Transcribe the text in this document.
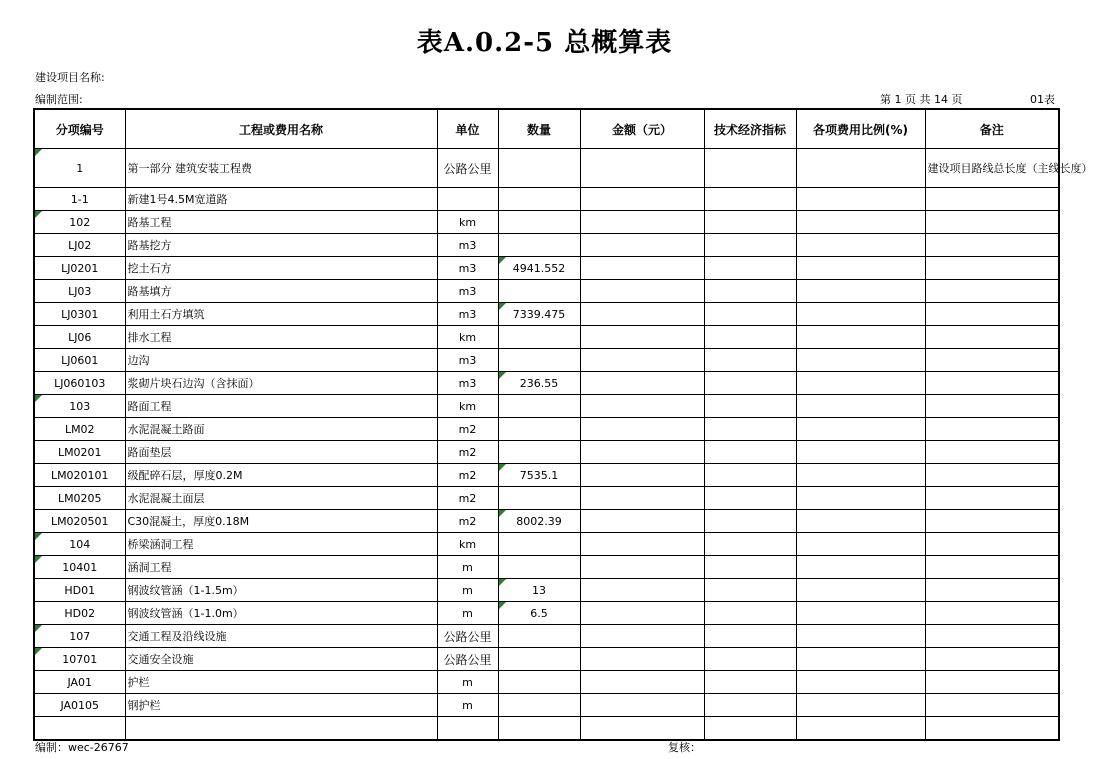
表A.0.2-5 总概算表
建设项目名称:
编制范围:	第 1 页 共 14 页	01表
分项编号	工程或费用名称	单位	数量	金额（元）	技术经济指标	各项费用比例(%)	备注

1	第一部分 建筑安装工程费	公路公里					建设项目路线总长度（主线长度）
1-1	新建1号4.5M宽道路						

102	路基工程	km					
LJ02	路基挖方	m3					
LJ0201	挖土石方	m3	4941.552				
LJ03	路基填方	m3					
LJ0301	利用土石方填筑	m3	7339.475				
LJ06	排水工程	km					
LJ0601	边沟	m3					
LJ060103	浆砌片块石边沟（含抹面）	m3	236.55				

103	路面工程	km					
LM02	水泥混凝土路面	m2					
LM0201	路面垫层	m2					
LM020101	级配碎石层，厚度0.2M	m2	7535.1				
LM0205	水泥混凝土面层	m2					
LM020501	C30混凝土，厚度0.18M	m2	8002.39				

104	桥梁涵洞工程	km					

10401	涵洞工程	m					
HD01	钢波纹管涵（1-1.5m）	m	13				
HD02	钢波纹管涵（1-1.0m）	m	6.5				

107	交通工程及沿线设施	公路公里					

10701	交通安全设施	公路公里					
JA01	护栏	m					
JA0105	钢护栏	m					

编制：wec-26767	复核：
